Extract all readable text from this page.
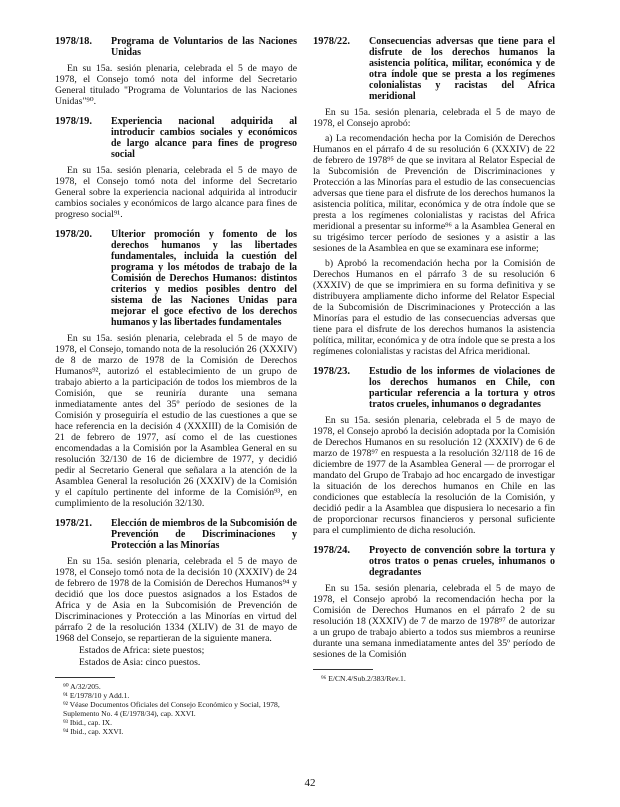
1978/18.	Programa de Voluntarios de las Naciones Unidas

En su 15a. sesión plenaria, celebrada el 5 de mayo de 1978, el Consejo tomó nota del informe del Secretario General titulado "Programa de Voluntarios de las Naciones Unidas"⁹⁰.

1978/19.	Experiencia nacional adquirida al introducir cambios sociales y económicos de largo alcance para fines de progreso social

En su 15a. sesión plenaria, celebrada el 5 de mayo de 1978, el Consejo tomó nota del informe del Secretario General sobre la experiencia nacional adquirida al introducir cambios sociales y económicos de largo alcance para fines de progreso social⁹¹.

1978/20.	Ulterior promoción y fomento de los derechos humanos y las libertades fundamentales, incluida la cuestión del programa y los métodos de trabajo de la Comisión de Derechos Humanos: distintos criterios y medios posibles dentro del sistema de las Naciones Unidas para mejorar el goce efectivo de los derechos humanos y las libertades fundamentales

En su 15a. sesión plenaria, celebrada el 5 de mayo de 1978, el Consejo, tomando nota de la resolución 26 (XXXIV) de 8 de marzo de 1978 de la Comisión de Derechos Humanos⁹², autorizó el establecimiento de un grupo de trabajo abierto a la participación de todos los miembros de la Comisión, que se reuniría durante una semana inmediatamente antes del 35º período de sesiones de la Comisión y proseguiría el estudio de las cuestiones a que se hace referencia en la decisión 4 (XXXIII) de la Comisión de 21 de febrero de 1977, así como el de las cuestiones encomendadas a la Comisión por la Asamblea General en su resolución 32/130 de 16 de diciembre de 1977, y decidió pedir al Secretario General que señalara a la atención de la Asamblea General la resolución 26 (XXXIV) de la Comisión y el capítulo pertinente del informe de la Comisión⁹³, en cumplimiento de la resolución 32/130.

1978/21.	Elección de miembros de la Subcomisión de Prevención de Discriminaciones y Protección a las Minorías

En su 15a. sesión plenaria, celebrada el 5 de mayo de 1978, el Consejo tomó nota de la decisión 10 (XXXIV) de 24 de febrero de 1978 de la Comisión de Derechos Humanos⁹⁴ y decidió que los doce puestos asignados a los Estados de Africa y de Asia en la Subcomisión de Prevención de Discriminaciones y Protección a las Minorías en virtud del párrafo 2 de la resolución 1334 (XLIV) de 31 de mayo de 1968 del Consejo, se repartieran de la siguiente manera.

Estados de Africa: siete puestos;

Estados de Asia: cinco puestos.

⁹⁰ A/32/205.

⁹¹ E/1978/10 y Add.1.

⁹² Véase Documentos Oficiales del Consejo Económico y Social, 1978, Suplemento No. 4 (E/1978/34), cap. XXVI.

⁹³ Ibid., cap. IX.

⁹⁴ Ibid., cap. XXVI.

1978/22.	Consecuencias adversas que tiene para el disfrute de los derechos humanos la asistencia política, militar, económica y de otra índole que se presta a los regímenes colonialistas y racistas del Africa meridional

En su 15a. sesión plenaria, celebrada el 5 de mayo de 1978, el Consejo aprobó:

a) La recomendación hecha por la Comisión de Derechos Humanos en el párrafo 4 de su resolución 6 (XXXIV) de 22 de febrero de 1978⁹⁵ de que se invitara al Relator Especial de la Subcomisión de Prevención de Discriminaciones y Protección a las Minorías para el estudio de las consecuencias adversas que tiene para el disfrute de los derechos humanos la asistencia política, militar, económica y de otra índole que se presta a los regímenes colonialistas y racistas del Africa meridional a presentar su informe⁹⁶ a la Asamblea General en su trigésimo tercer período de sesiones y a asistir a las sesiones de la Asamblea en que se examinara ese informe;

b) Aprobó la recomendación hecha por la Comisión de Derechos Humanos en el párrafo 3 de su resolución 6 (XXXIV) de que se imprimiera en su forma definitiva y se distribuyera ampliamente dicho informe del Relator Especial de la Subcomisión de Discriminaciones y Protección a las Minorías para el estudio de las consecuencias adversas que tiene para el disfrute de los derechos humanos la asistencia política, militar, económica y de otra índole que se presta a los regímenes colonialistas y racistas del Africa meridional.

1978/23.	Estudio de los informes de violaciones de los derechos humanos en Chile, con particular referencia a la tortura y otros tratos crueles, inhumanos o degradantes

En su 15a. sesión plenaria, celebrada el 5 de mayo de 1978, el Consejo aprobó la decisión adoptada por la Comisión de Derechos Humanos en su resolución 12 (XXXIV) de 6 de marzo de 1978⁹⁷ en respuesta a la resolución 32/118 de 16 de diciembre de 1977 de la Asamblea General — de prorrogar el mandato del Grupo de Trabajo ad hoc encargado de investigar la situación de los derechos humanos en Chile en las condiciones que establecía la resolución de la Comisión, y decidió pedir a la Asamblea que dispusiera lo necesario a fin de proporcionar recursos financieros y personal suficiente para el cumplimiento de dicha resolución.

1978/24.	Proyecto de convención sobre la tortura y otros tratos o penas crueles, inhumanos o degradantes

En su 15a. sesión plenaria, celebrada el 5 de mayo de 1978, el Consejo aprobó la recomendación hecha por la Comisión de Derechos Humanos en el párrafo 2 de su resolución 18 (XXXIV) de 7 de marzo de 1978⁹⁷ de autorizar a un grupo de trabajo abierto a todos sus miembros a reunirse durante una semana inmediatamente antes del 35º período de sesiones de la Comisión

⁹⁶ E/CN.4/Sub.2/383/Rev.1.

42
